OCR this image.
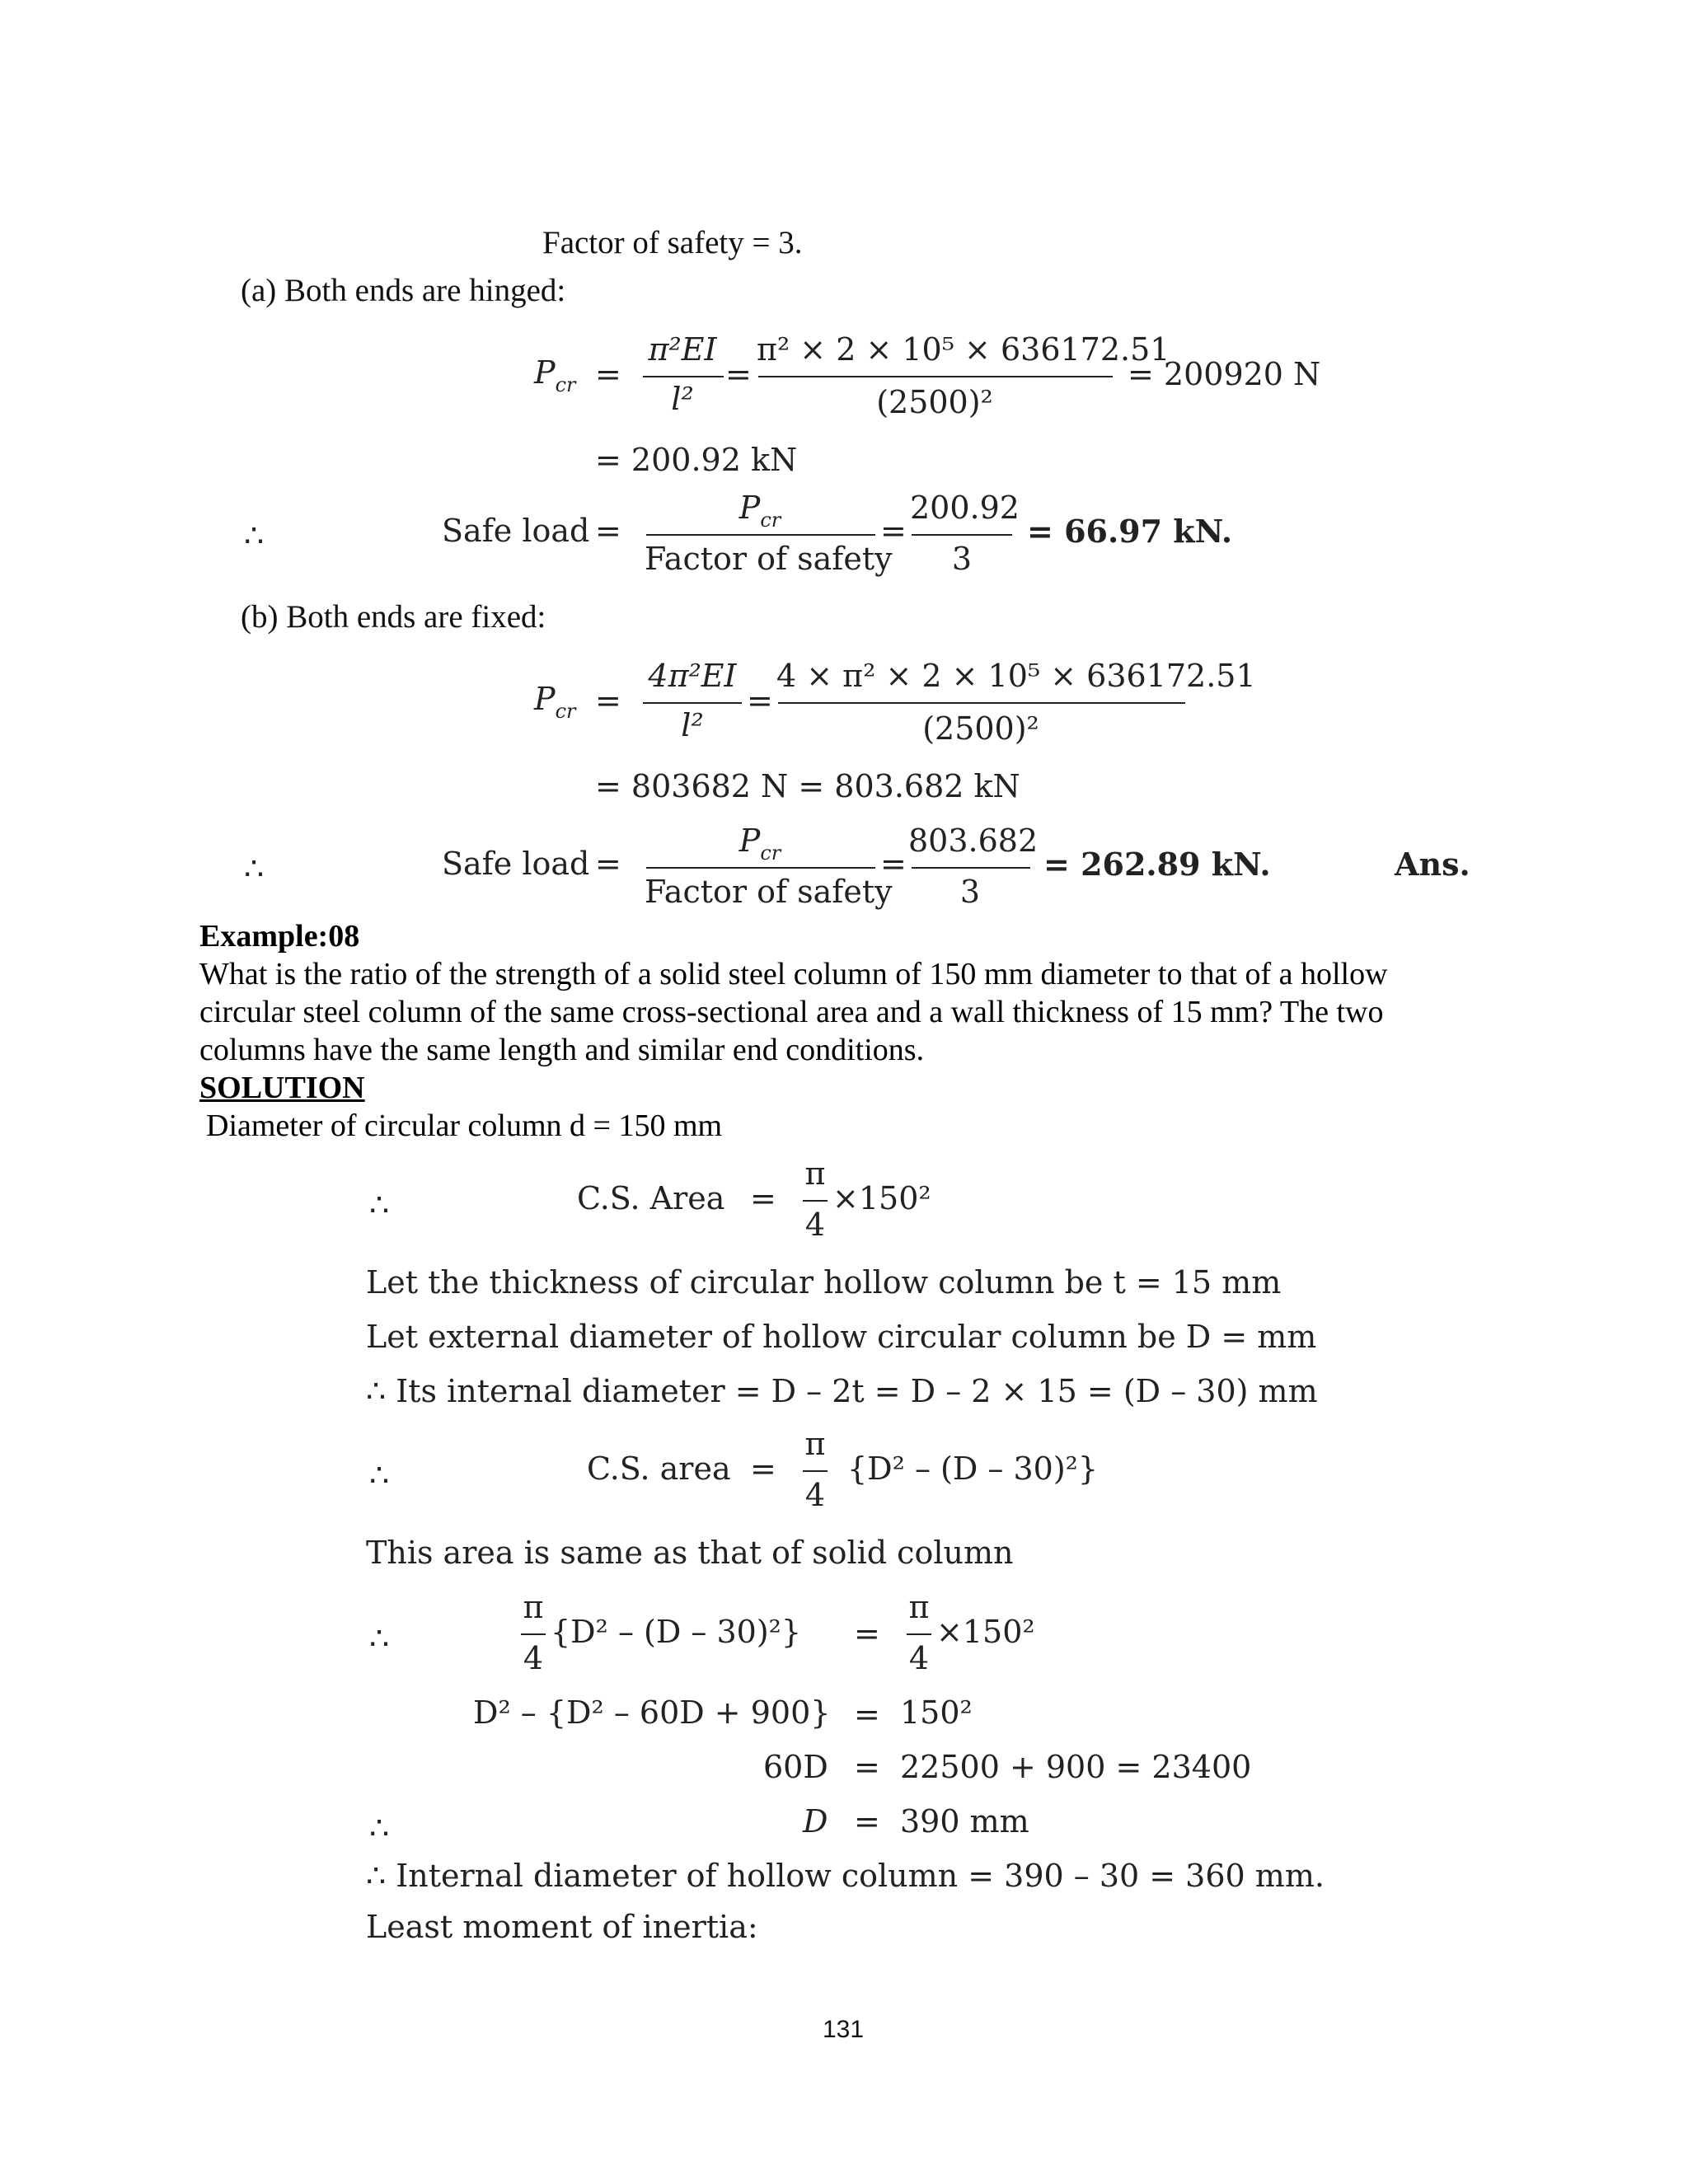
Factor of safety = 3.
(a) Both ends are hinged:
$P_{cr}$ =
π²EI
l²
=
π² × 2 × 10⁵ × 636172.51
(2500)²
= 200920 N
= 200.92 kN
∴	Safe load =
$P_{cr}$
Factor of safety
=
200.92
3
= 66.97 kN.
(b) Both ends are fixed:
$P_{cr}$ =
4π²EI
l²
=
4 × π² × 2 × 10⁵ × 636172.51
(2500)²
= 803682 N = 803.682 kN
∴	Safe load =
$P_{cr}$
Factor of safety
=
803.682
3
= 262.89 kN.	Ans.
Example:08
What is the ratio of the strength of a solid steel column of 150 mm diameter to that of a hollow
circular steel column of the same cross-sectional area and a wall thickness of 15 mm? The two
columns have the same length and similar end conditions.
SOLUTION
Diameter of circular column d = 150 mm
∴	C.S. Area =
π
4
×150²
Let the thickness of circular hollow column be t = 15 mm
Let external diameter of hollow circular column be D = mm
∴ Its internal diameter = D – 2t = D – 2 × 15 = (D – 30) mm
∴	C.S. area =
π
4
{D² – (D – 30)²}
This area is same as that of solid column
∴
π
4
{D² – (D – 30)²} =
π
4
×150²
D² – {D² – 60D + 900} = 150²
60D = 22500 + 900 = 23400
∴	D = 390 mm
∴ Internal diameter of hollow column = 390 – 30 = 360 mm.
Least moment of inertia:
131
